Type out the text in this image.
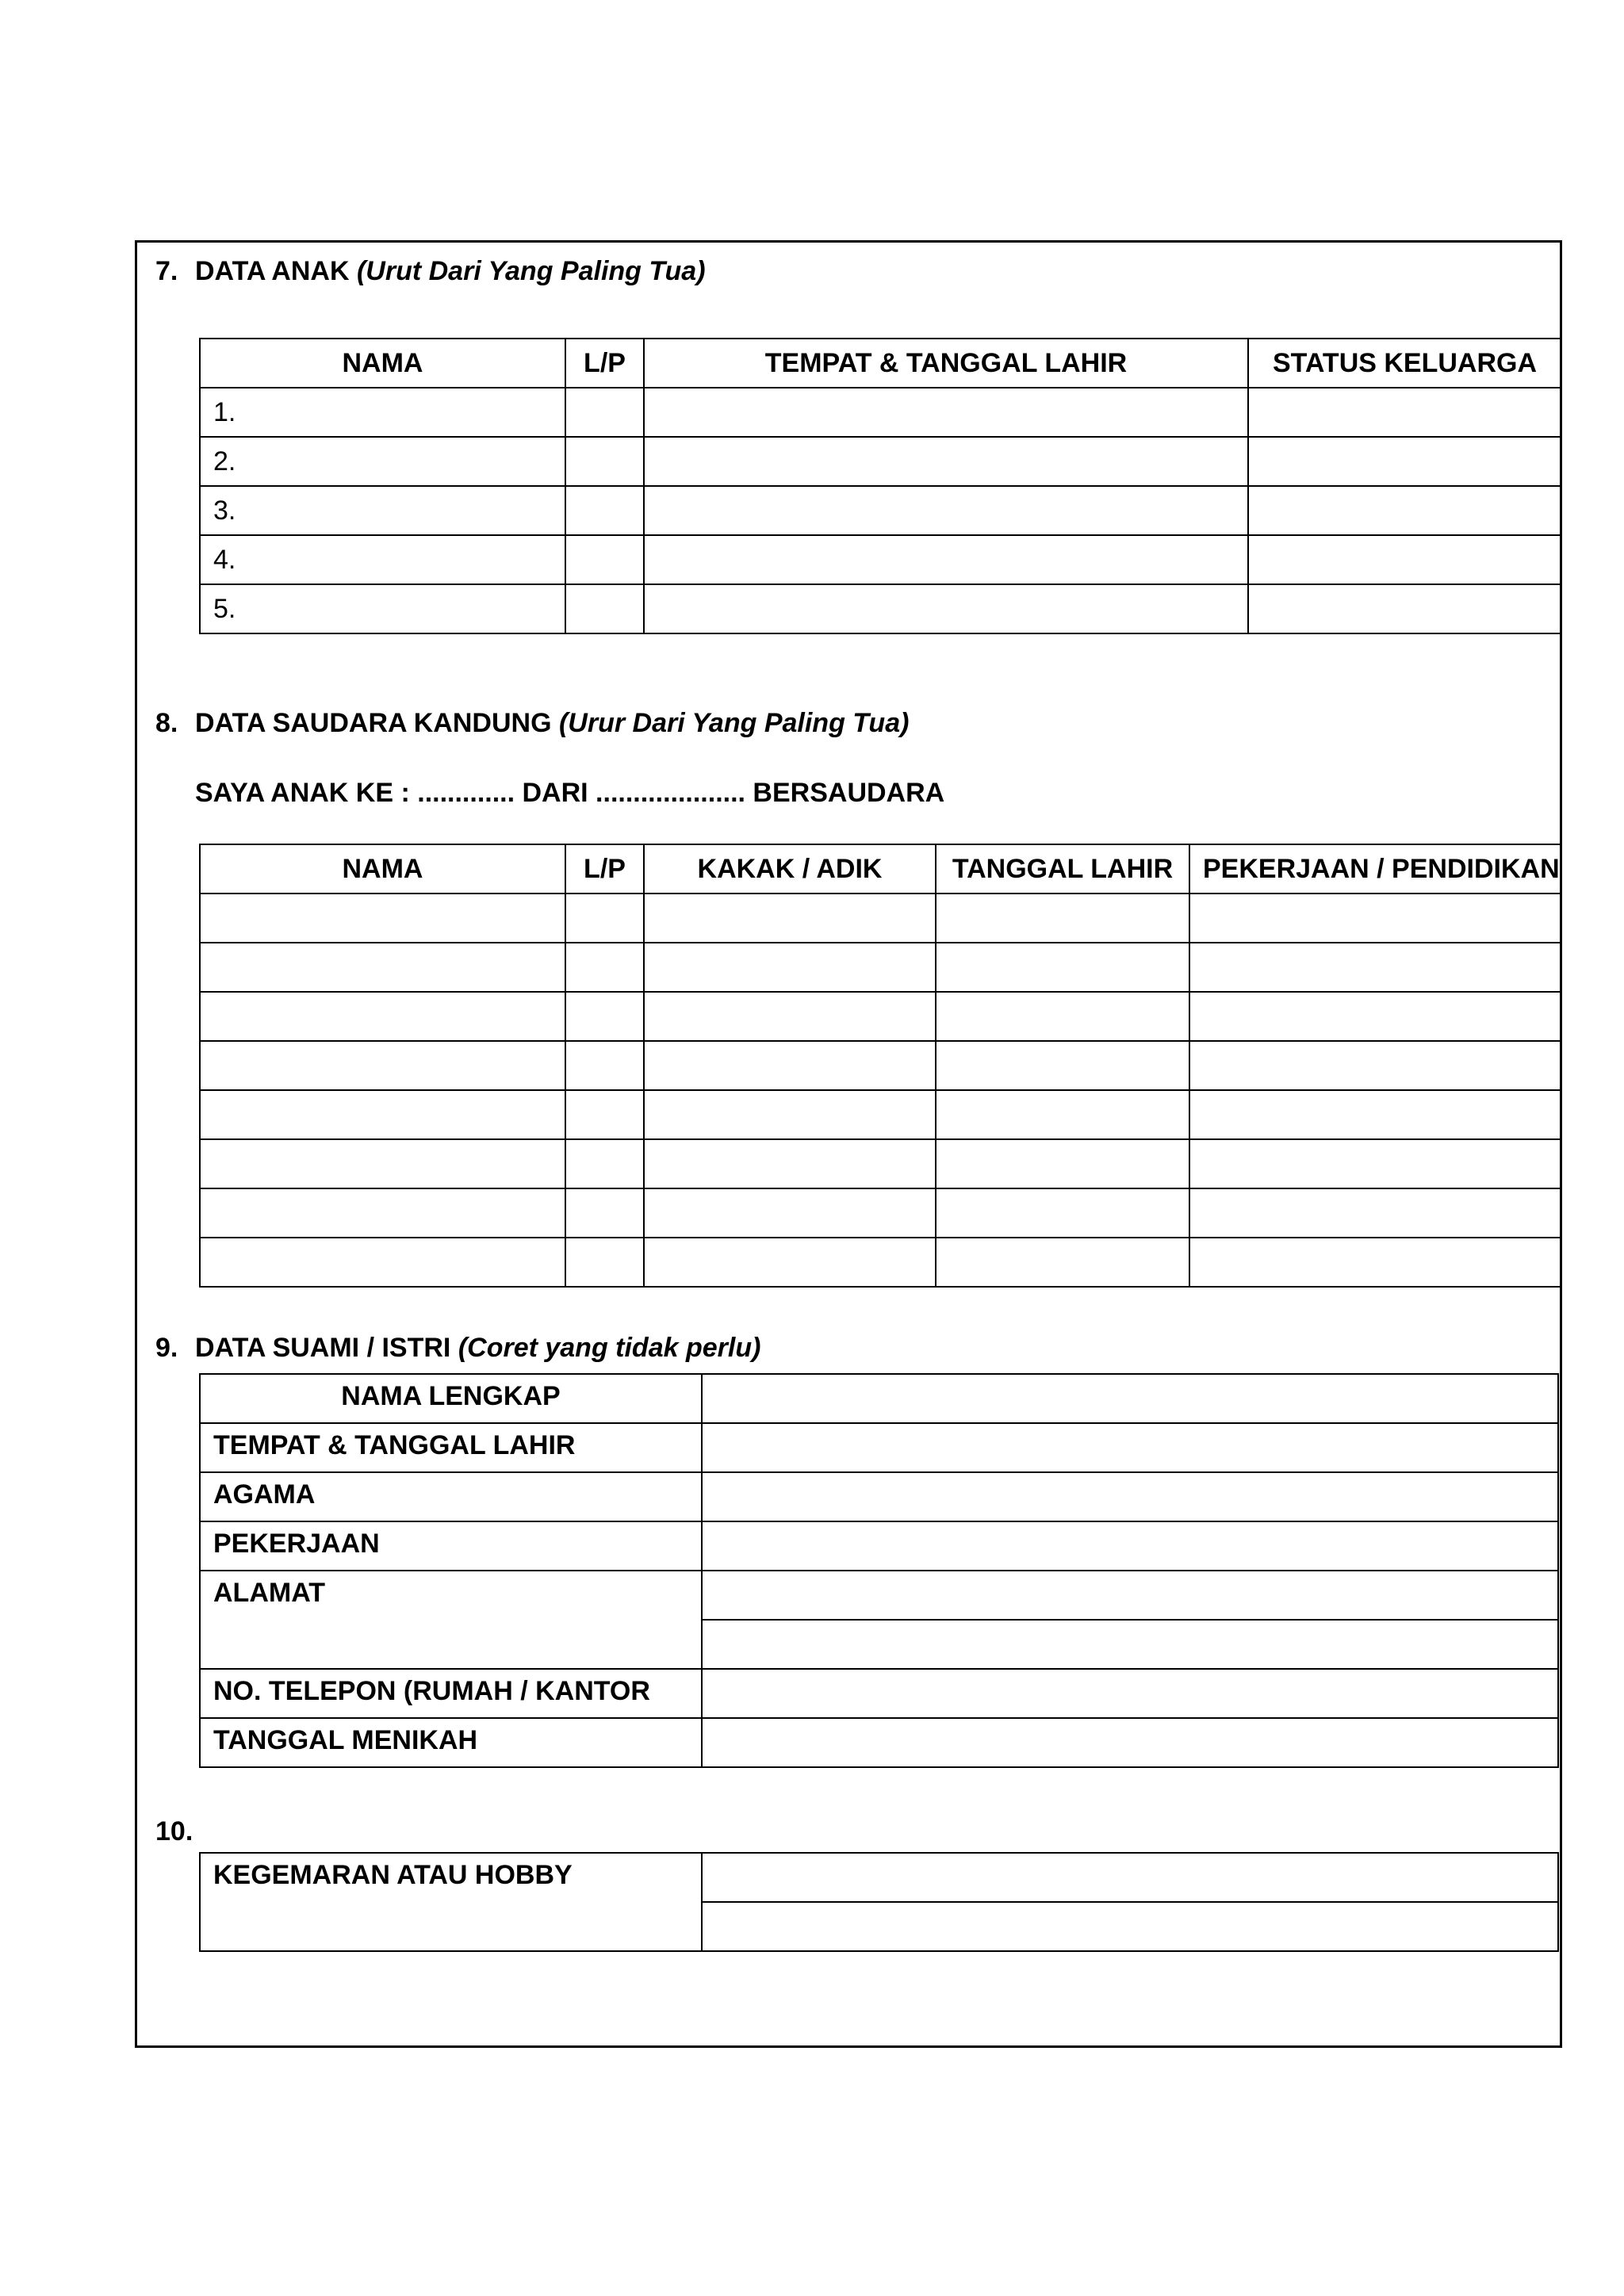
7. DATA ANAK (Urut Dari Yang Paling Tua)
NAMA	L/P	TEMPAT & TANGGAL LAHIR	STATUS KELUARGA
1.			
2.			
3.			
4.			
5.			
8. DATA SAUDARA KANDUNG (Urur Dari Yang Paling Tua)
SAYA ANAK KE : ............. DARI .................... BERSAUDARA
NAMA	L/P	KAKAK / ADIK	TANGGAL LAHIR	PEKERJAAN / PENDIDIKAN

9. DATA SUAMI / ISTRI (Coret yang tidak perlu)
NAMA LENGKAP	
TEMPAT & TANGGAL LAHIR	
AGAMA	
PEKERJAAN	
ALAMAT	

NO. TELEPON (RUMAH / KANTOR	
TANGGAL MENIKAH	
10.
KEGEMARAN ATAU HOBBY	
